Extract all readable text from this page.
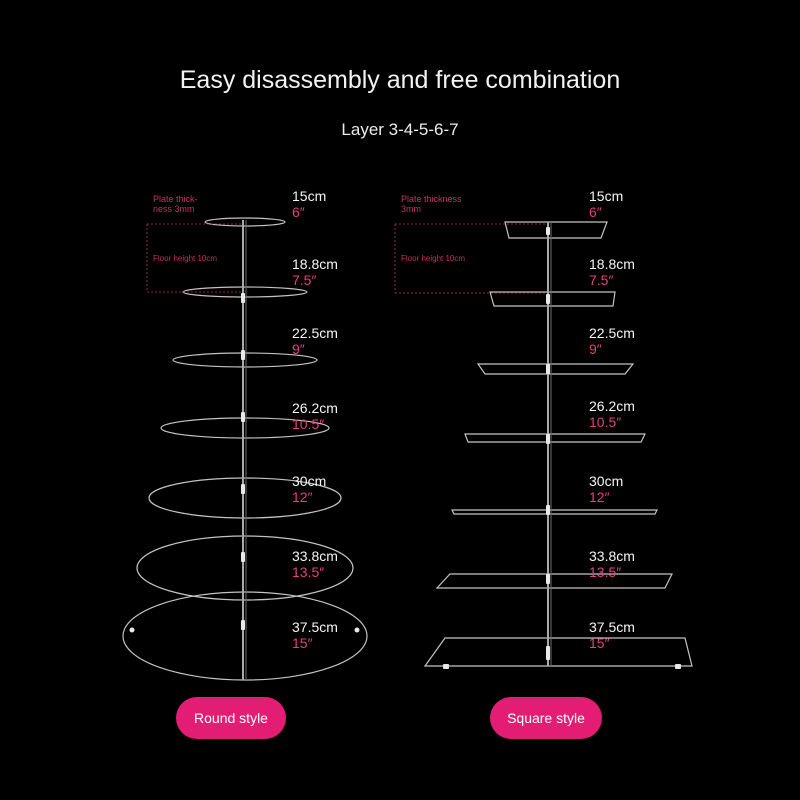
Easy disassembly and free combination
Layer 3-4-5-6-7
Plate thick-
ness 3mm
Floor height 10cm
15cm
6″
18.8cm
7.5″
22.5cm
9″
26.2cm
10.5″
30cm
12″
33.8cm
13.5″
37.5cm
15″
Plate thickness
3mm
Floor height 10cm
15cm
6″
18.8cm
7.5″
22.5cm
9″
26.2cm
10.5″
30cm
12″
33.8cm
13.5″
37.5cm
15″
Round style	Square style
